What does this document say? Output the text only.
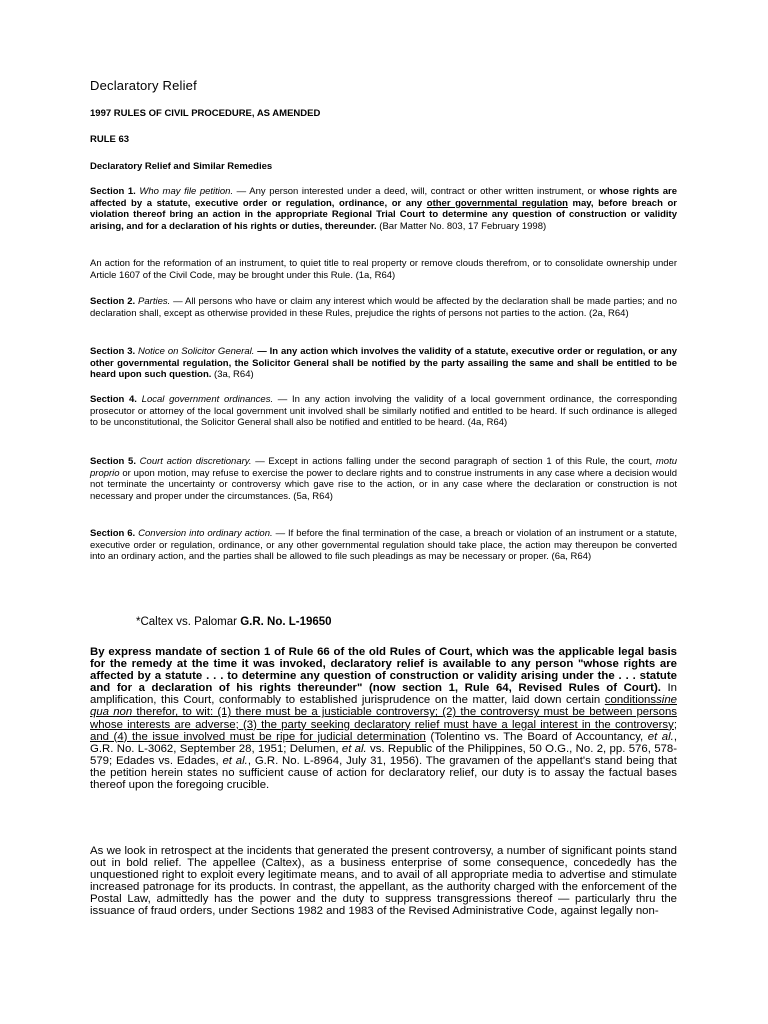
Declaratory Relief
1997 RULES OF CIVIL PROCEDURE, AS AMENDED
RULE 63
Declaratory Relief and Similar Remedies
Section 1. Who may file petition. — Any person interested under a deed, will, contract or other written instrument, or whose rights are affected by a statute, executive order or regulation, ordinance, or any other governmental regulation may, before breach or violation thereof bring an action in the appropriate Regional Trial Court to determine any question of construction or validity arising, and for a declaration of his rights or duties, thereunder. (Bar Matter No. 803, 17 February 1998)
An action for the reformation of an instrument, to quiet title to real property or remove clouds therefrom, or to consolidate ownership under Article 1607 of the Civil Code, may be brought under this Rule. (1a, R64)
Section 2. Parties. — All persons who have or claim any interest which would be affected by the declaration shall be made parties; and no declaration shall, except as otherwise provided in these Rules, prejudice the rights of persons not parties to the action. (2a, R64)
Section 3. Notice on Solicitor General. — In any action which involves the validity of a statute, executive order or regulation, or any other governmental regulation, the Solicitor General shall be notified by the party assailing the same and shall be entitled to be heard upon such question. (3a, R64)
Section 4. Local government ordinances. — In any action involving the validity of a local government ordinance, the corresponding prosecutor or attorney of the local government unit involved shall be similarly notified and entitled to be heard. If such ordinance is alleged to be unconstitutional, the Solicitor General shall also be notified and entitled to be heard. (4a, R64)
Section 5. Court action discretionary. — Except in actions falling under the second paragraph of section 1 of this Rule, the court, motu proprio or upon motion, may refuse to exercise the power to declare rights and to construe instruments in any case where a decision would not terminate the uncertainty or controversy which gave rise to the action, or in any case where the declaration or construction is not necessary and proper under the circumstances. (5a, R64)
Section 6. Conversion into ordinary action. — If before the final termination of the case, a breach or violation of an instrument or a statute, executive order or regulation, ordinance, or any other governmental regulation should take place, the action may thereupon be converted into an ordinary action, and the parties shall be allowed to file such pleadings as may be necessary or proper. (6a, R64)
*Caltex vs. Palomar G.R. No. L-19650
By express mandate of section 1 of Rule 66 of the old Rules of Court, which was the applicable legal basis for the remedy at the time it was invoked, declaratory relief is available to any person "whose rights are affected by a statute . . . to determine any question of construction or validity arising under the . . . statute and for a declaration of his rights thereunder" (now section 1, Rule 64, Revised Rules of Court). In amplification, this Court, conformably to established jurisprudence on the matter, laid down certain conditionssine qua non therefor, to wit: (1) there must be a justiciable controversy; (2) the controversy must be between persons whose interests are adverse; (3) the party seeking declaratory relief must have a legal interest in the controversy; and (4) the issue involved must be ripe for judicial determination (Tolentino vs. The Board of Accountancy, et al., G.R. No. L-3062, September 28, 1951; Delumen, et al. vs. Republic of the Philippines, 50 O.G., No. 2, pp. 576, 578-579; Edades vs. Edades, et al., G.R. No. L-8964, July 31, 1956). The gravamen of the appellant's stand being that the petition herein states no sufficient cause of action for declaratory relief, our duty is to assay the factual bases thereof upon the foregoing crucible.
As we look in retrospect at the incidents that generated the present controversy, a number of significant points stand out in bold relief. The appellee (Caltex), as a business enterprise of some consequence, concededly has the unquestioned right to exploit every legitimate means, and to avail of all appropriate media to advertise and stimulate increased patronage for its products. In contrast, the appellant, as the authority charged with the enforcement of the Postal Law, admittedly has the power and the duty to suppress transgressions thereof — particularly thru the issuance of fraud orders, under Sections 1982 and 1983 of the Revised Administrative Code, against legally non-
